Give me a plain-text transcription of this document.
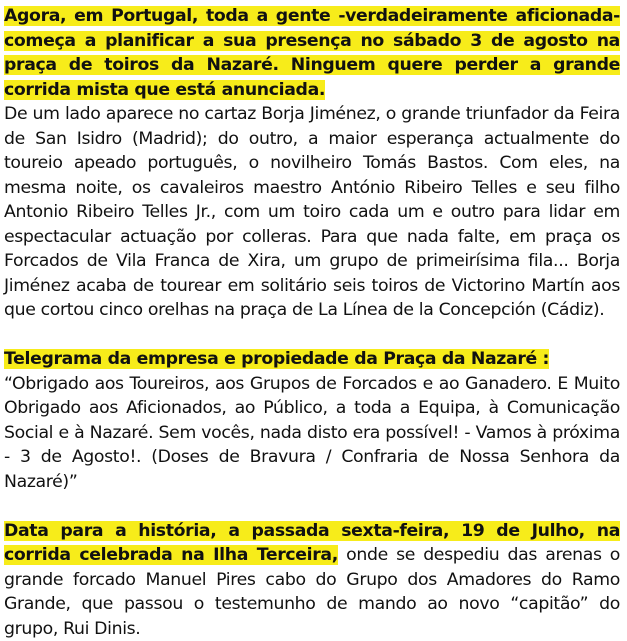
Agora, em Portugal, toda a gente -verdadeiramente aficionada- começa a planificar a sua presença no sábado 3 de agosto na praça de toiros da Nazaré. Ninguem quere perder a grande corrida mista que está anunciada.

De um lado aparece no cartaz Borja Jiménez, o grande triunfador da Feira de San Isidro (Madrid); do outro, a maior esperança actualmente do toureio apeado português, o novilheiro Tomás Bastos. Com eles, na mesma noite, os cavaleiros maestro António Ribeiro Telles e seu filho Antonio Ribeiro Telles Jr., com um toiro cada um e outro para lidar em espectacular actuação por colleras. Para que nada falte, em praça os Forcados de Vila Franca de Xira, um grupo de primeirísima fila... Borja Jiménez acaba de tourear em solitário seis toiros de Victorino Martín aos que cortou cinco orelhas na praça de La Línea de la Concepción (Cádiz).

Telegrama da empresa e propiedade da Praça da Nazaré :

“Obrigado aos Toureiros, aos Grupos de Forcados e ao Ganadero. E Muito Obrigado aos Aficionados, ao Público, a toda a Equipa, à Comunicação Social e à Nazaré. Sem vocês, nada disto era possível! - Vamos à próxima - 3 de Agosto!. (Doses de Bravura / Confraria de Nossa Senhora da Nazaré)”

Data para a história, a passada sexta-feira, 19 de Julho, na corrida celebrada na Ilha Terceira, onde se despediu das arenas o grande forcado Manuel Pires cabo do Grupo dos Amadores do Ramo Grande, que passou o testemunho de mando ao novo “capitão” do grupo, Rui Dinis.
